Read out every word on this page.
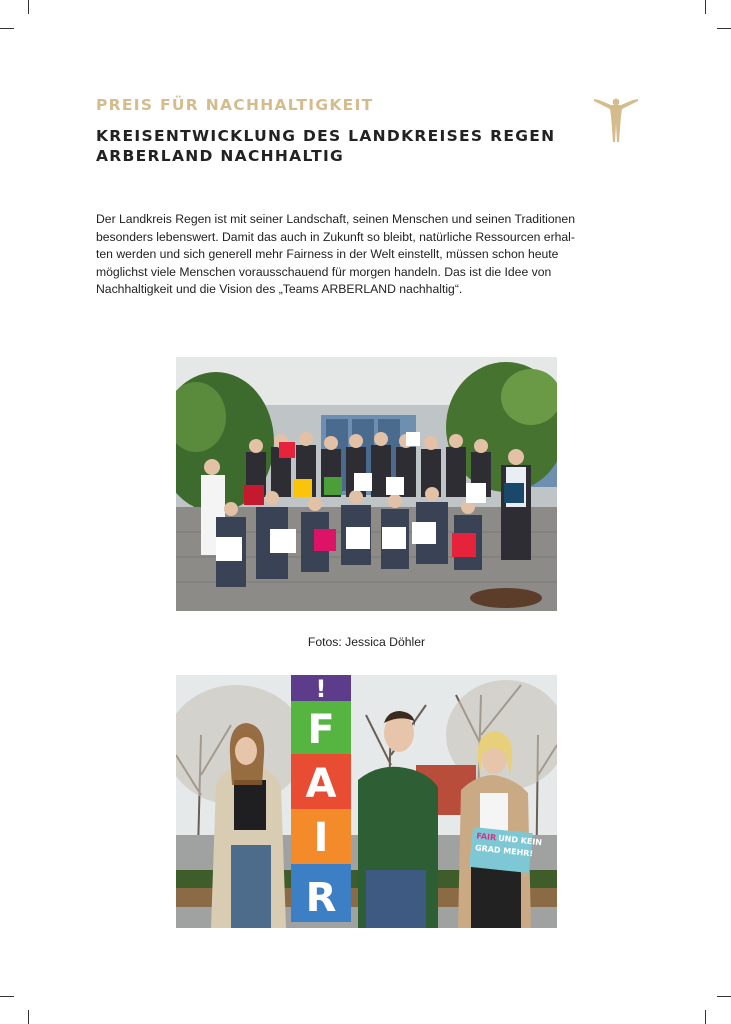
PREIS FÜR NACHHALTIGKEIT

KREISENTWICKLUNG DES LANDKREISES REGEN
ARBERLAND NACHHALTIG
Der Landkreis Regen ist mit seiner Landschaft, seinen Menschen und seinen Traditionen
besonders lebenswert. Damit das auch in Zukunft so bleibt, natürliche Ressourcen erhal-
ten werden und sich generell mehr Fairness in der Welt einstellt, müssen schon heute
möglichst viele Menschen vorausschauend für morgen handeln. Das ist die Idee von
Nachhaltigkeit und die Vision des „Teams ARBERLAND nachhaltig“.
Fotos: Jessica Döhler
!
F
A
I
R
FAIR UND KEIN
GRAD MEHR!
